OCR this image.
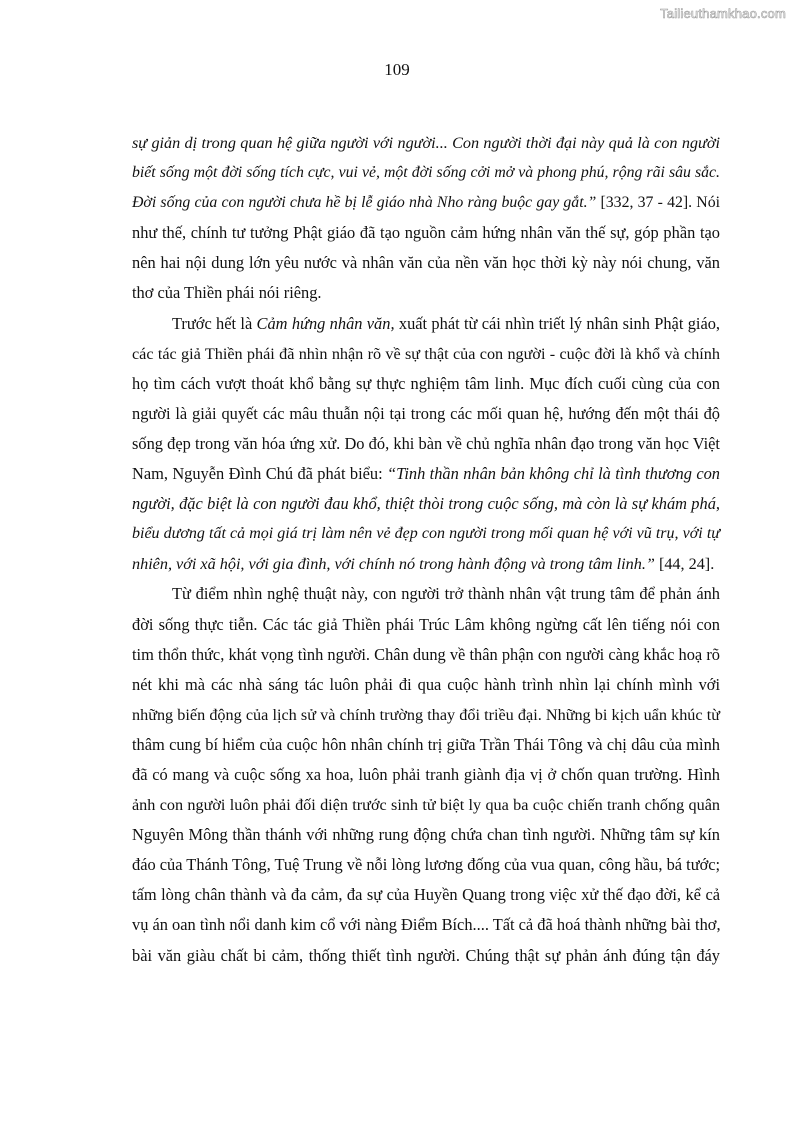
Tailieuthamkhao.com
109

sự giản dị trong quan hệ giữa người với người... Con người thời đại này quả là con người
biết sống một đời sống tích cực, vui vẻ, một đời sống cởi mở và phong phú, rộng rãi sâu sắc.
Đời sống của con người chưa hề bị lễ giáo nhà Nho ràng buộc gay gắt.” [332, 37 - 42]. Nói
như thế, chính tư tưởng Phật giáo đã tạo nguồn cảm hứng nhân văn thế sự, góp phần tạo
nên hai nội dung lớn yêu nước và nhân văn của nền văn học thời kỳ này nói chung, văn
thơ của Thiền phái nói riêng.

Trước hết là Cảm hứng nhân văn, xuất phát từ cái nhìn triết lý nhân sinh Phật giáo,
các tác giả Thiền phái đã nhìn nhận rõ về sự thật của con người - cuộc đời là khổ và chính
họ tìm cách vượt thoát khổ bằng sự thực nghiệm tâm linh. Mục đích cuối cùng của con
người là giải quyết các mâu thuẫn nội tại trong các mối quan hệ, hướng đến một thái độ
sống đẹp trong văn hóa ứng xử. Do đó, khi bàn về chủ nghĩa nhân đạo trong văn học Việt
Nam, Nguyễn Đình Chú đã phát biểu: “Tinh thần nhân bản không chỉ là tình thương con
người, đặc biệt là con người đau khổ, thiệt thòi trong cuộc sống, mà còn là sự khám phá,
biểu dương tất cả mọi giá trị làm nên vẻ đẹp con người trong mối quan hệ với vũ trụ, với tự
nhiên, với xã hội, với gia đình, với chính nó trong hành động và trong tâm linh.” [44, 24].

Từ điểm nhìn nghệ thuật này, con người trở thành nhân vật trung tâm để phản ánh
đời sống thực tiễn. Các tác giả Thiền phái Trúc Lâm không ngừng cất lên tiếng nói con
tim thổn thức, khát vọng tình người. Chân dung về thân phận con người càng khắc hoạ rõ
nét khi mà các nhà sáng tác luôn phải đi qua cuộc hành trình nhìn lại chính mình với
những biến động của lịch sử và chính trường thay đổi triều đại. Những bi kịch uẩn khúc từ
thâm cung bí hiểm của cuộc hôn nhân chính trị giữa Trần Thái Tông và chị dâu của mình
đã có mang và cuộc sống xa hoa, luôn phải tranh giành địa vị ở chốn quan trường. Hình
ảnh con người luôn phải đối diện trước sinh tử biệt ly qua ba cuộc chiến tranh chống quân
Nguyên Mông thần thánh với những rung động chứa chan tình người. Những tâm sự kín
đáo của Thánh Tông, Tuệ Trung về nỗi lòng lương đống của vua quan, công hầu, bá tước;
tấm lòng chân thành và đa cảm, đa sự của Huyền Quang trong việc xử thế đạo đời, kể cả
vụ án oan tình nổi danh kim cổ với nàng Điểm Bích.... Tất cả đã hoá thành những bài thơ,
bài văn giàu chất bi cảm, thống thiết tình người. Chúng thật sự phản ánh đúng tận đáy
